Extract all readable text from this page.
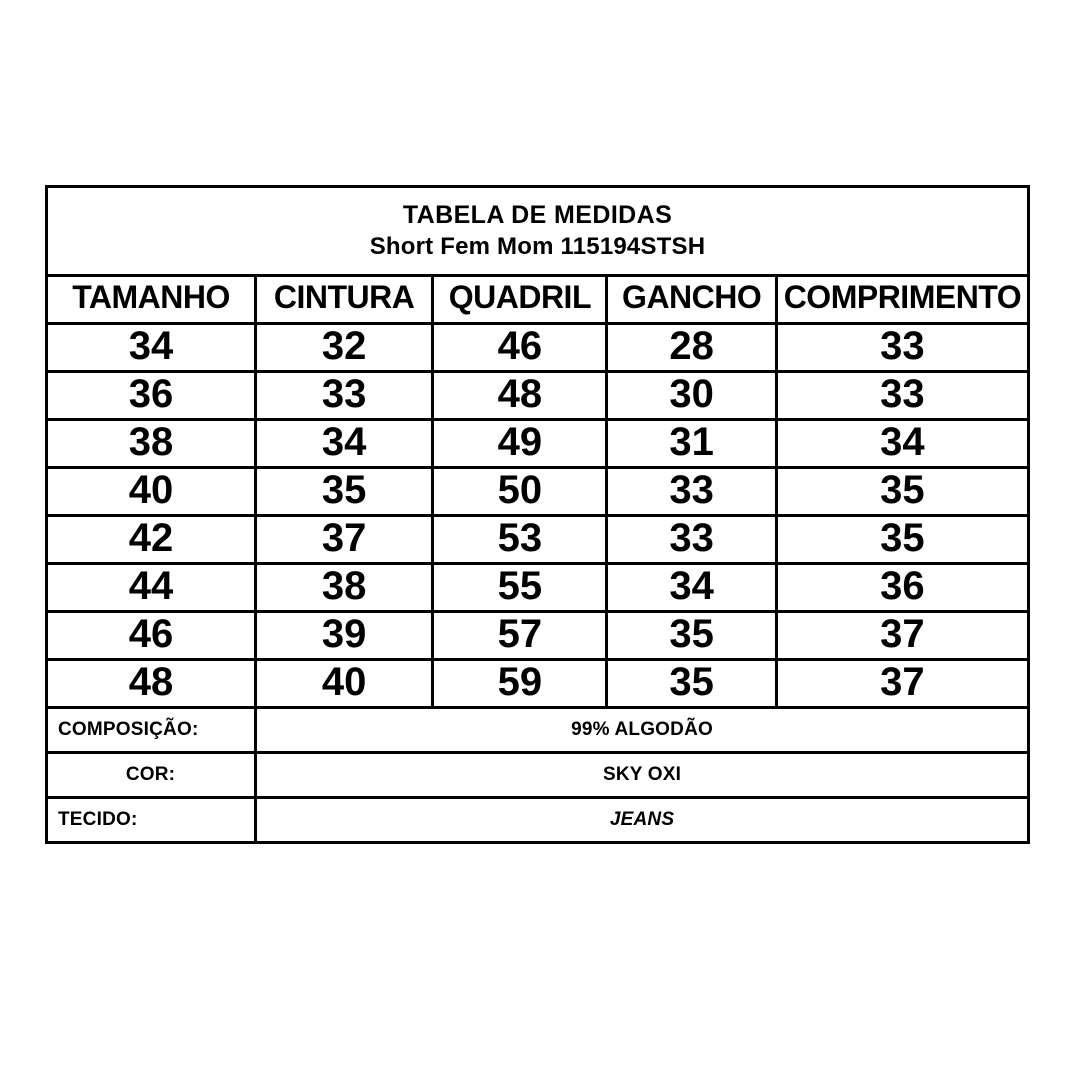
TABELA DE MEDIDAS
Short Fem Mom 115194STSH
TAMANHO	CINTURA	QUADRIL	GANCHO	COMPRIMENTO
34	32	46	28	33
36	33	48	30	33
38	34	49	31	34
40	35	50	33	35
42	37	53	33	35
44	38	55	34	36
46	39	57	35	37
48	40	59	35	37
COMPOSIÇÃO:	99% ALGODÃO
COR:	SKY OXI
TECIDO:	JEANS
